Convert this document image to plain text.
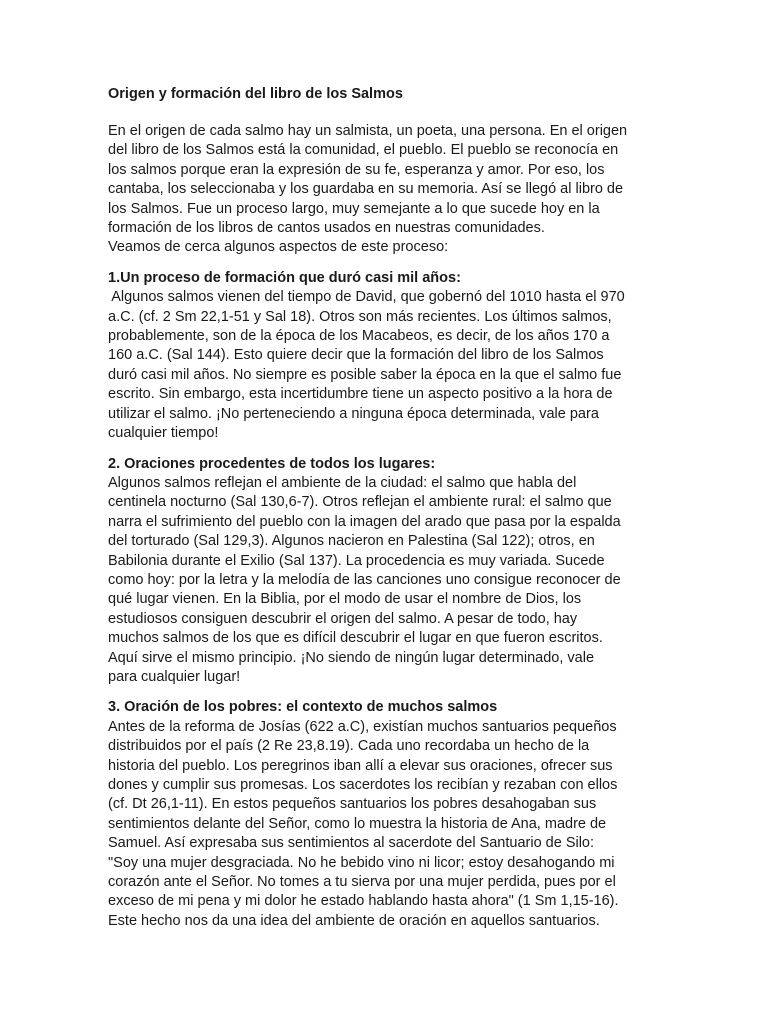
Origen y formación del libro de los Salmos
En el origen de cada salmo hay un salmista, un poeta, una persona. En el origen
del libro de los Salmos está la comunidad, el pueblo. El pueblo se reconocía en
los salmos porque eran la expresión de su fe, esperanza y amor. Por eso, los
cantaba, los seleccionaba y los guardaba en su memoria. Así se llegó al libro de
los Salmos. Fue un proceso largo, muy semejante a lo que sucede hoy en la
formación de los libros de cantos usados en nuestras comunidades.
Veamos de cerca algunos aspectos de este proceso:
1.Un proceso de formación que duró casi mil años:
Algunos salmos vienen del tiempo de David, que gobernó del 1010 hasta el 970
a.C. (cf. 2 Sm 22,1-51 y Sal 18). Otros son más recientes. Los últimos salmos,
probablemente, son de la época de los Macabeos, es decir, de los años 170 a
160 a.C. (Sal 144). Esto quiere decir que la formación del libro de los Salmos
duró casi mil años. No siempre es posible saber la época en la que el salmo fue
escrito. Sin embargo, esta incertidumbre tiene un aspecto positivo a la hora de
utilizar el salmo. ¡No perteneciendo a ninguna época determinada, vale para
cualquier tiempo!
2. Oraciones procedentes de todos los lugares:
Algunos salmos reflejan el ambiente de la ciudad: el salmo que habla del
centinela nocturno (Sal 130,6-7). Otros reflejan el ambiente rural: el salmo que
narra el sufrimiento del pueblo con la imagen del arado que pasa por la espalda
del torturado (Sal 129,3). Algunos nacieron en Palestina (Sal 122); otros, en
Babilonia durante el Exilio (Sal 137). La procedencia es muy variada. Sucede
como hoy: por la letra y la melodía de las canciones uno consigue reconocer de
qué lugar vienen. En la Biblia, por el modo de usar el nombre de Dios, los
estudiosos consiguen descubrir el origen del salmo. A pesar de todo, hay
muchos salmos de los que es difícil descubrir el lugar en que fueron escritos.
Aquí sirve el mismo principio. ¡No siendo de ningún lugar determinado, vale
para cualquier lugar!
3. Oración de los pobres: el contexto de muchos salmos
Antes de la reforma de Josías (622 a.C), existían muchos santuarios pequeños
distribuidos por el país (2 Re 23,8.19). Cada uno recordaba un hecho de la
historia del pueblo. Los peregrinos iban allí a elevar sus oraciones, ofrecer sus
dones y cumplir sus promesas. Los sacerdotes los recibían y rezaban con ellos
(cf. Dt 26,1-11). En estos pequeños santuarios los pobres desahogaban sus
sentimientos delante del Señor, como lo muestra la historia de Ana, madre de
Samuel. Así expresaba sus sentimientos al sacerdote del Santuario de Silo:
"Soy una mujer desgraciada. No he bebido vino ni licor; estoy desahogando mi
corazón ante el Señor. No tomes a tu sierva por una mujer perdida, pues por el
exceso de mi pena y mi dolor he estado hablando hasta ahora" (1 Sm 1,15-16).
Este hecho nos da una idea del ambiente de oración en aquellos santuarios.
